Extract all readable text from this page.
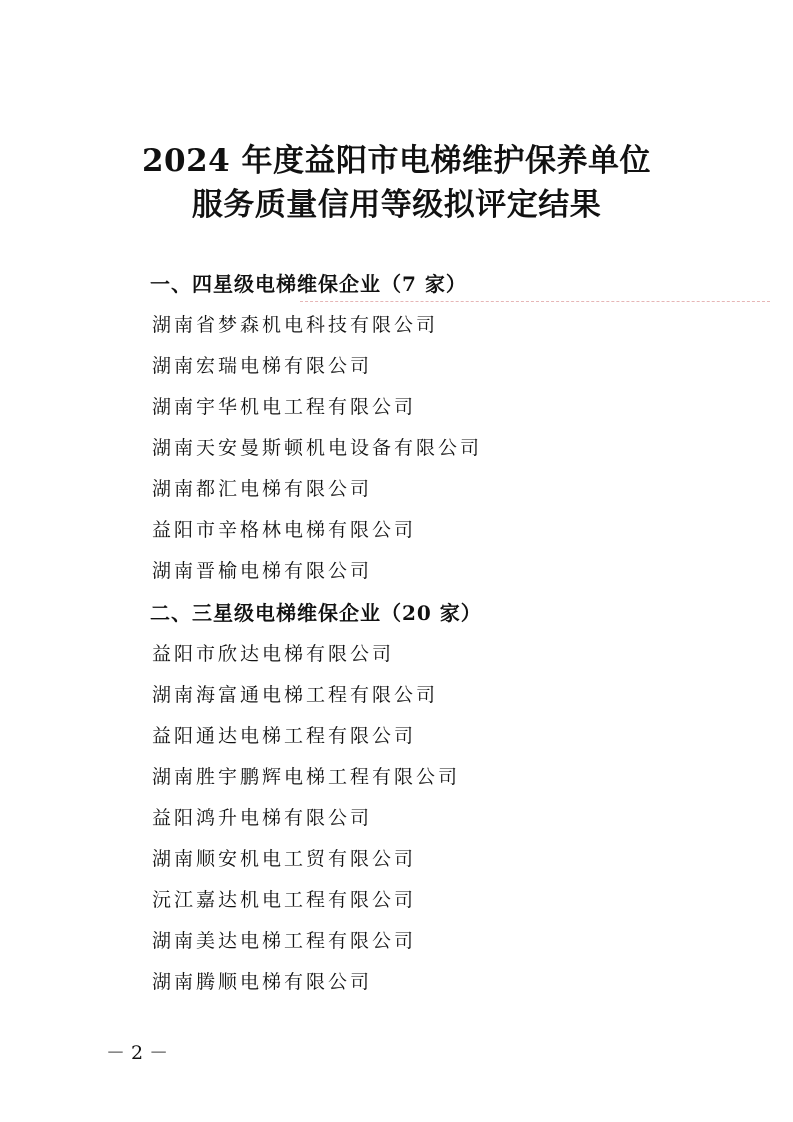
2024 年度益阳市电梯维护保养单位
服务质量信用等级拟评定结果
一、四星级电梯维保企业（7 家）
湖南省梦森机电科技有限公司
湖南宏瑞电梯有限公司
湖南宇华机电工程有限公司
湖南天安曼斯顿机电设备有限公司
湖南都汇电梯有限公司
益阳市辛格林电梯有限公司
湖南晋榆电梯有限公司
二、三星级电梯维保企业（20 家）
益阳市欣达电梯有限公司
湖南海富通电梯工程有限公司
益阳通达电梯工程有限公司
湖南胜宇鹏辉电梯工程有限公司
益阳鸿升电梯有限公司
湖南顺安机电工贸有限公司
沅江嘉达机电工程有限公司
湖南美达电梯工程有限公司
湖南腾顺电梯有限公司
－ 2 －
